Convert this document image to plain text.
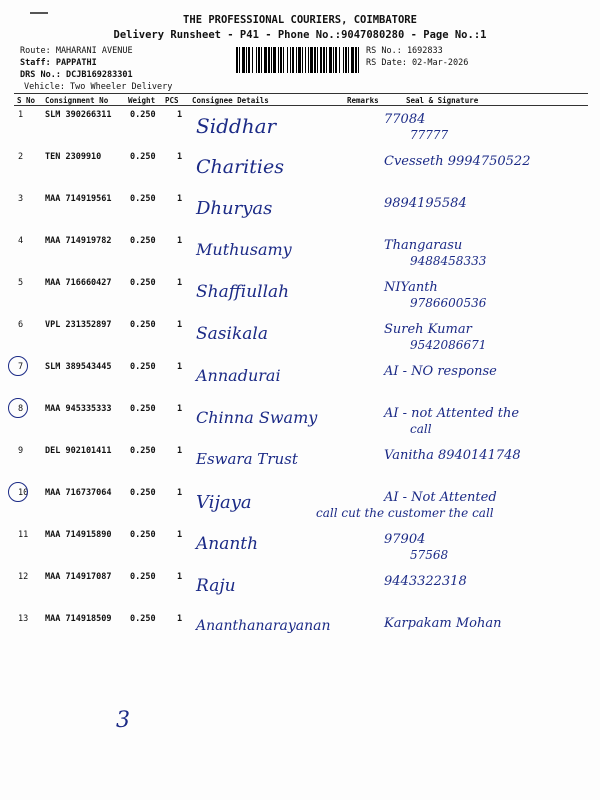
THE PROFESSIONAL COURIERS, COIMBATORE
Delivery Runsheet - P41 - Phone No.:9047080280 - Page No.:1
Route: MAHARANI AVENUE
Staff: PAPPATHI
DRS No.: DCJB169283301
Vehicle: Two Wheeler Delivery
RS No.: 1692833
RS Date: 02-Mar-2026
S No Consignment No	Weight PCS Consignee Details	Remarks	Seal & Signature
1	SLM 390266311 0.250	1 Siddhar	77084
77777
2	TEN 2309910	0.250	1 Charities	Cvesseth 9994750522
3	MAA 714919561 0.250	1 Dhuryas	9894195584
4	MAA 714919782 0.250	1 Muthusamy	Thangarasu
9488458333
5	MAA 716660427 0.250	1 Shaffiullah	NIYanth
9786600536
6	VPL 231352897 0.250	1 Sasikala	Sureh Kumar
9542086671
7	SLM 389543445 0.250	1 Annadurai	AI - NO response
8	MAA 945335333 0.250	1 Chinna Swamy	AI - not Attented the
call
9	DEL 902101411 0.250	1 Eswara Trust	Vanitha 8940141748
10 MAA 716737064 0.250	1 Vijaya	AI - Not Attented
call cut the customer the call
11 MAA 714915890 0.250	1 Ananth	97904
57568
12 MAA 714917087 0.250	1 Raju	9443322318
13 MAA 714918509 0.250	1 Ananthanarayanan	Karpakam Mohan
3
